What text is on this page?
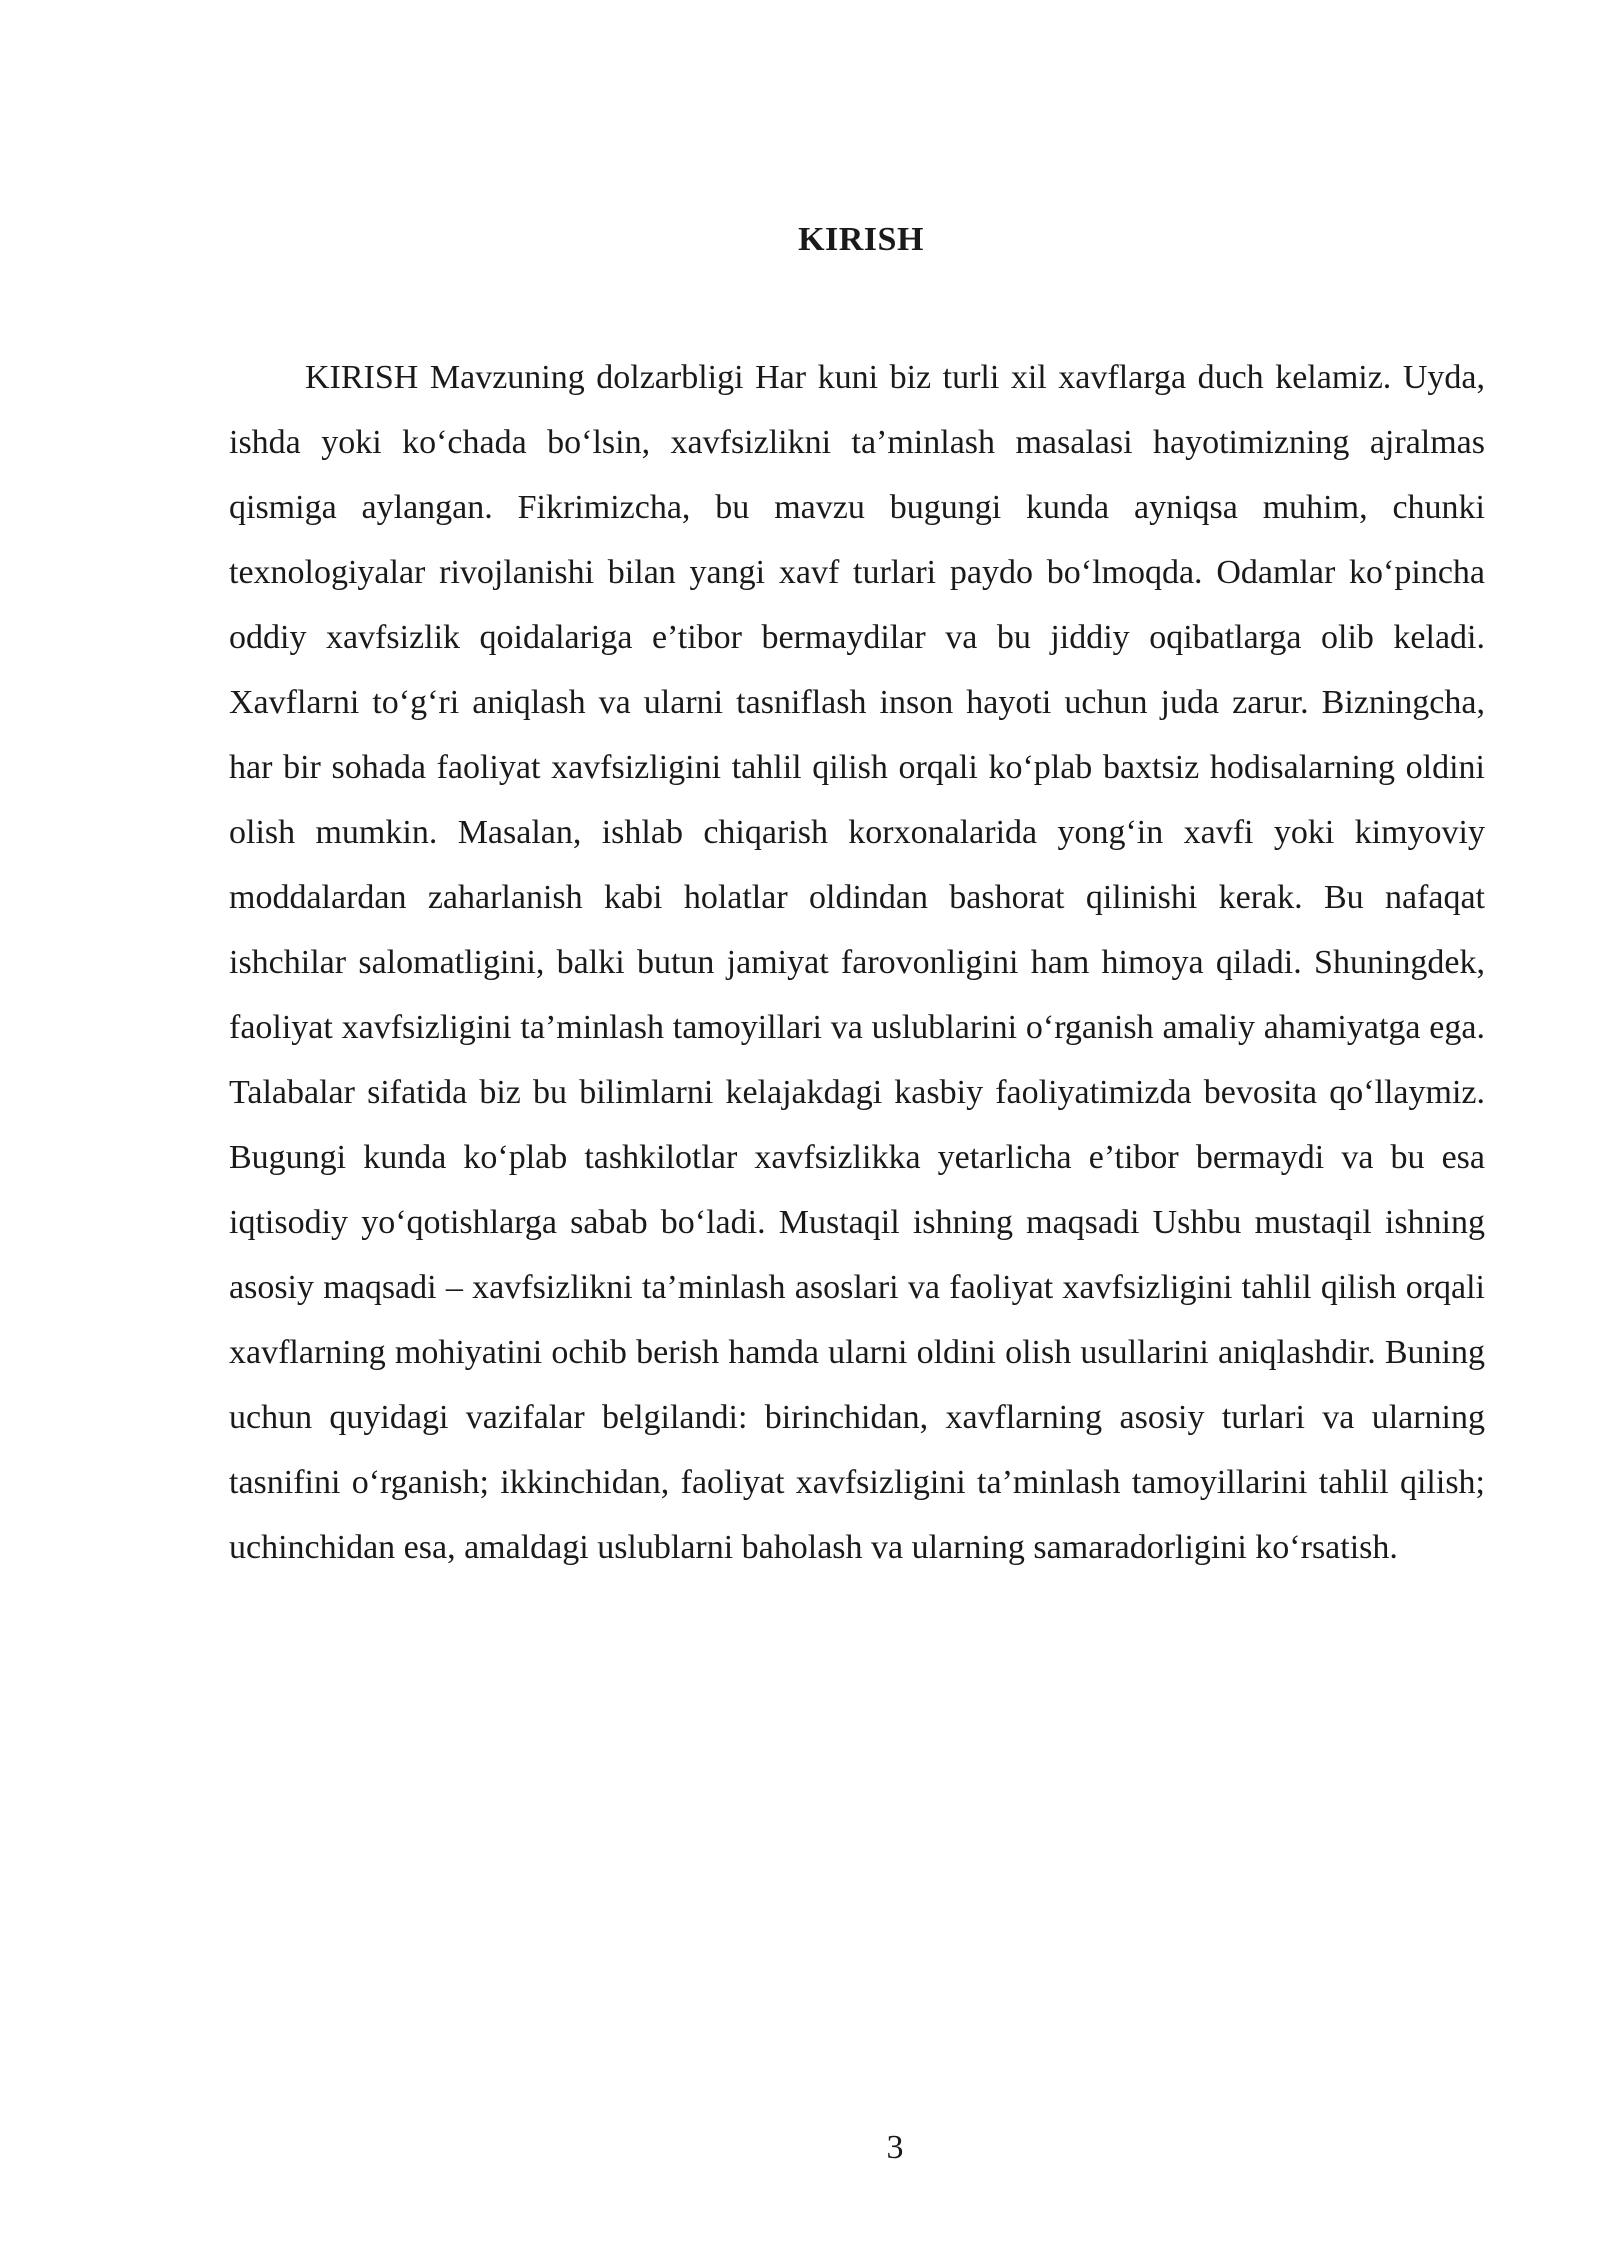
KIRISH

KIRISH Mavzuning dolzarbligi Har kuni biz turli xil xavflarga duch kelamiz. Uyda, ishda yoki ko‘chada bo‘lsin, xavfsizlikni ta’minlash masalasi hayotimizning ajralmas qismiga aylangan. Fikrimizcha, bu mavzu bugungi kunda ayniqsa muhim, chunki texnologiyalar rivojlanishi bilan yangi xavf turlari paydo bo‘lmoqda. Odamlar ko‘pincha oddiy xavfsizlik qoidalariga e’tibor bermaydilar va bu jiddiy oqibatlarga olib keladi. Xavflarni to‘g‘ri aniqlash va ularni tasniflash inson hayoti uchun juda zarur. Bizningcha, har bir sohada faoliyat xavfsizligini tahlil qilish orqali ko‘plab baxtsiz hodisalarning oldini olish mumkin. Masalan, ishlab chiqarish korxonalarida yong‘in xavfi yoki kimyoviy moddalardan zaharlanish kabi holatlar oldindan bashorat qilinishi kerak. Bu nafaqat ishchilar salomatligini, balki butun jamiyat farovonligini ham himoya qiladi. Shuningdek, faoliyat xavfsizligini ta’minlash tamoyillari va uslublarini o‘rganish amaliy ahamiyatga ega. Talabalar sifatida biz bu bilimlarni kelajakdagi kasbiy faoliyatimizda bevosita qo‘llaymiz. Bugungi kunda ko‘plab tashkilotlar xavfsizlikka yetarlicha e’tibor bermaydi va bu esa iqtisodiy yo‘qotishlarga sabab bo‘ladi. Mustaqil ishning maqsadi Ushbu mustaqil ishning asosiy maqsadi – xavfsizlikni ta’minlash asoslari va faoliyat xavfsizligini tahlil qilish orqali xavflarning mohiyatini ochib berish hamda ularni oldini olish usullarini aniqlashdir. Buning uchun quyidagi vazifalar belgilandi: birinchidan, xavflarning asosiy turlari va ularning tasnifini o‘rganish; ikkinchidan, faoliyat xavfsizligini ta’minlash tamoyillarini tahlil qilish; uchinchidan esa, amaldagi uslublarni baholash va ularning samaradorligini ko‘rsatish.

3
